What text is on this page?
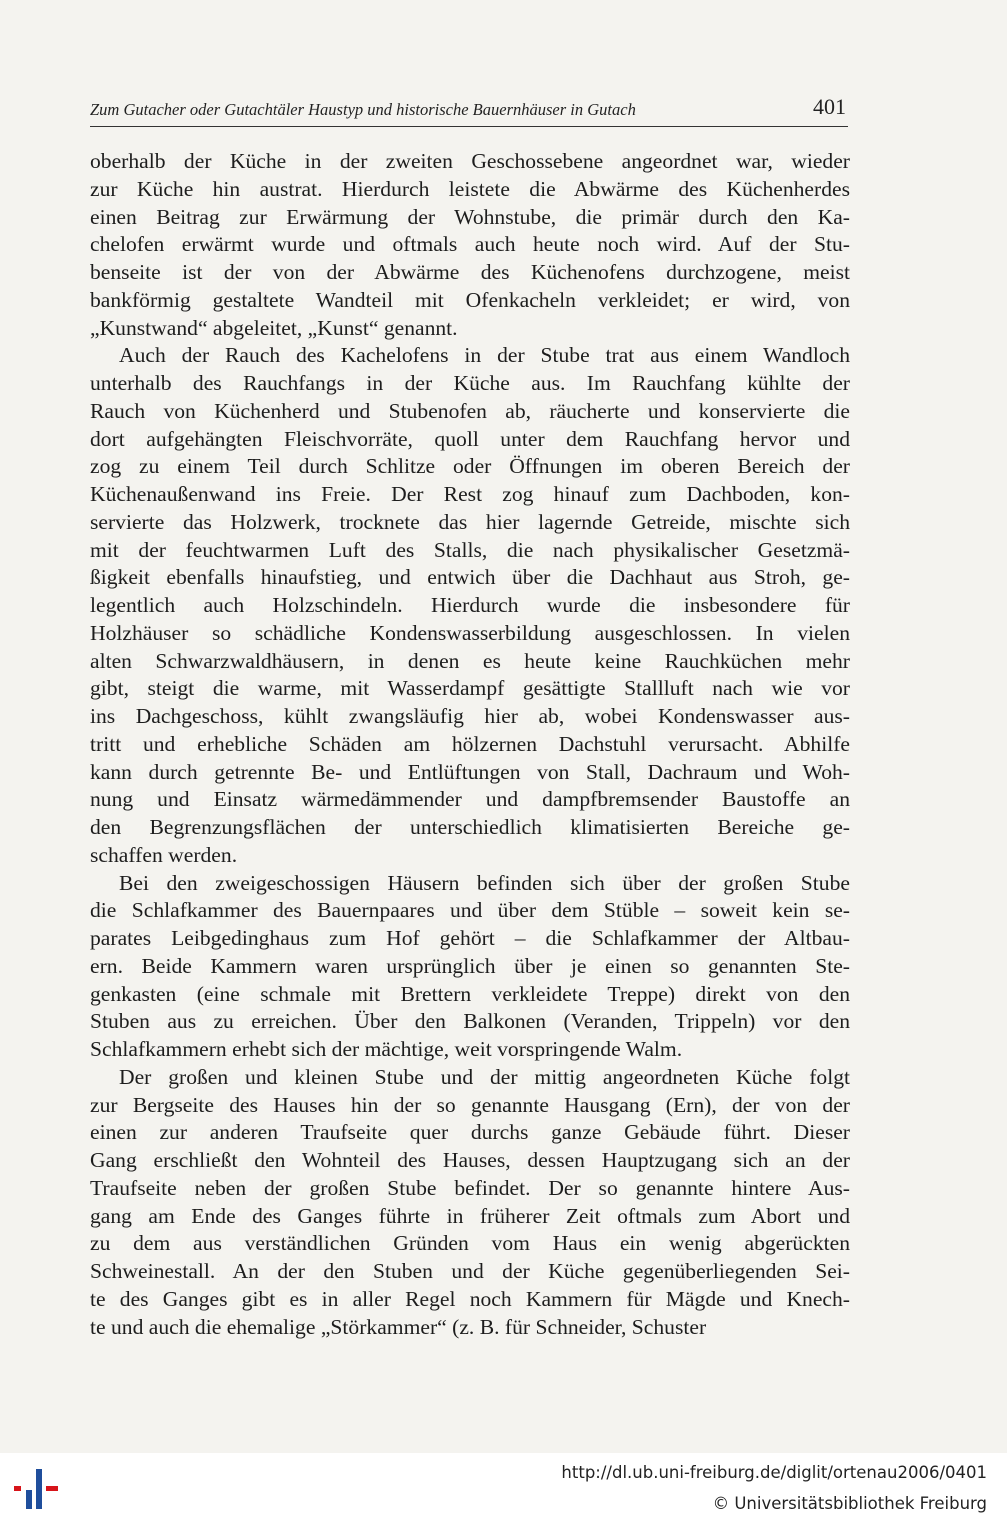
Zum Gutacher oder Gutachtäler Haustyp und historische Bauernhäuser in Gutach	401
oberhalb der Küche in der zweiten Geschossebene angeordnet war, wieder
zur Küche hin austrat. Hierdurch leistete die Abwärme des Küchenherdes
einen Beitrag zur Erwärmung der Wohnstube, die primär durch den Ka-
chelofen erwärmt wurde und oftmals auch heute noch wird. Auf der Stu-
benseite ist der von der Abwärme des Küchenofens durchzogene, meist
bankförmig gestaltete Wandteil mit Ofenkacheln verkleidet; er wird, von
„Kunstwand“ abgeleitet, „Kunst“ genannt.
Auch der Rauch des Kachelofens in der Stube trat aus einem Wandloch
unterhalb des Rauchfangs in der Küche aus. Im Rauchfang kühlte der
Rauch von Küchenherd und Stubenofen ab, räucherte und konservierte die
dort aufgehängten Fleischvorräte, quoll unter dem Rauchfang hervor und
zog zu einem Teil durch Schlitze oder Öffnungen im oberen Bereich der
Küchenaußenwand ins Freie. Der Rest zog hinauf zum Dachboden, kon-
servierte das Holzwerk, trocknete das hier lagernde Getreide, mischte sich
mit der feuchtwarmen Luft des Stalls, die nach physikalischer Gesetzmä-
ßigkeit ebenfalls hinaufstieg, und entwich über die Dachhaut aus Stroh, ge-
legentlich auch Holzschindeln. Hierdurch wurde die insbesondere für
Holzhäuser so schädliche Kondenswasserbildung ausgeschlossen. In vielen
alten Schwarzwaldhäusern, in denen es heute keine Rauchküchen mehr
gibt, steigt die warme, mit Wasserdampf gesättigte Stallluft nach wie vor
ins Dachgeschoss, kühlt zwangsläufig hier ab, wobei Kondenswasser aus-
tritt und erhebliche Schäden am hölzernen Dachstuhl verursacht. Abhilfe
kann durch getrennte Be- und Entlüftungen von Stall, Dachraum und Woh-
nung und Einsatz wärmedämmender und dampfbremsender Baustoffe an
den Begrenzungsflächen der unterschiedlich klimatisierten Bereiche ge-
schaffen werden.
Bei den zweigeschossigen Häusern befinden sich über der großen Stube
die Schlafkammer des Bauernpaares und über dem Stüble – soweit kein se-
parates Leibgedinghaus zum Hof gehört – die Schlafkammer der Altbau-
ern. Beide Kammern waren ursprünglich über je einen so genannten Ste-
genkasten (eine schmale mit Brettern verkleidete Treppe) direkt von den
Stuben aus zu erreichen. Über den Balkonen (Veranden, Trippeln) vor den
Schlafkammern erhebt sich der mächtige, weit vorspringende Walm.
Der großen und kleinen Stube und der mittig angeordneten Küche folgt
zur Bergseite des Hauses hin der so genannte Hausgang (Ern), der von der
einen zur anderen Traufseite quer durchs ganze Gebäude führt. Dieser
Gang erschließt den Wohnteil des Hauses, dessen Hauptzugang sich an der
Traufseite neben der großen Stube befindet. Der so genannte hintere Aus-
gang am Ende des Ganges führte in früherer Zeit oftmals zum Abort und
zu dem aus verständlichen Gründen vom Haus ein wenig abgerückten
Schweinestall. An der den Stuben und der Küche gegenüberliegenden Sei-
te des Ganges gibt es in aller Regel noch Kammern für Mägde und Knech-
te und auch die ehemalige „Störkammer“ (z. B. für Schneider, Schuster
http://dl.ub.uni-freiburg.de/diglit/ortenau2006/0401
© Universitätsbibliothek Freiburg
